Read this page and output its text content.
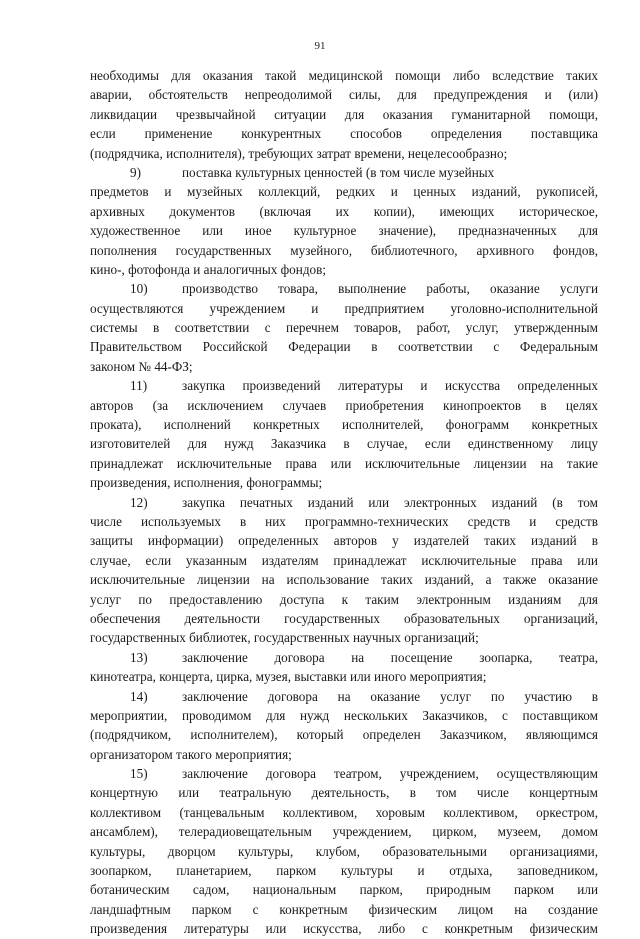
91
необходимы для оказания такой медицинской помощи либо вследствие таких
аварии, обстоятельств непреодолимой силы, для предупреждения и (или)
ликвидации чрезвычайной ситуации для оказания гуманитарной помощи,
если применение конкурентных способов определения поставщика
(подрядчика, исполнителя), требующих затрат времени, нецелесообразно;
9)	поставка культурных ценностей (в том числе музейных
предметов и музейных коллекций, редких и ценных изданий, рукописей,
архивных документов (включая их копии), имеющих историческое,
художественное или иное культурное значение), предназначенных для
пополнения государственных музейного, библиотечного, архивного фондов,
кино-, фотофонда и аналогичных фондов;
10)	производство товара, выполнение работы, оказание услуги
осуществляются учреждением и предприятием уголовно-исполнительной
системы в соответствии с перечнем товаров, работ, услуг, утвержденным
Правительством Российской Федерации в соответствии с Федеральным
законом № 44-ФЗ;
11)	закупка произведений литературы и искусства определенных
авторов (за исключением случаев приобретения кинопроектов в целях
проката), исполнений конкретных исполнителей, фонограмм конкретных
изготовителей для нужд Заказчика в случае, если единственному лицу
принадлежат исключительные права или исключительные лицензии на такие
произведения, исполнения, фонограммы;
12)	закупка печатных изданий или электронных изданий (в том
числе используемых в них программно-технических средств и средств
защиты информации) определенных авторов у издателей таких изданий в
случае, если указанным издателям принадлежат исключительные права или
исключительные лицензии на использование таких изданий, а также оказание
услуг по предоставлению доступа к таким электронным изданиям для
обеспечения деятельности государственных образовательных организаций,
государственных библиотек, государственных научных организаций;
13)	заключение договора на посещение зоопарка, театра,
кинотеатра, концерта, цирка, музея, выставки или иного мероприятия;
14)	заключение договора на оказание услуг по участию в
мероприятии, проводимом для нужд нескольких Заказчиков, с поставщиком
(подрядчиком, исполнителем), который определен Заказчиком, являющимся
организатором такого мероприятия;
15)	заключение договора театром, учреждением, осуществляющим
концертную или театральную деятельность, в том числе концертным
коллективом (танцевальным коллективом, хоровым коллективом, оркестром,
ансамблем), телерадиовещательным учреждением, цирком, музеем, домом
культуры, дворцом культуры, клубом, образовательными организациями,
зоопарком, планетарием, парком культуры и отдыха, заповедником,
ботаническим садом, национальным парком, природным парком или
ландшафтным парком с конкретным физическим лицом на создание
произведения литературы или искусства, либо с конкретным физическим
